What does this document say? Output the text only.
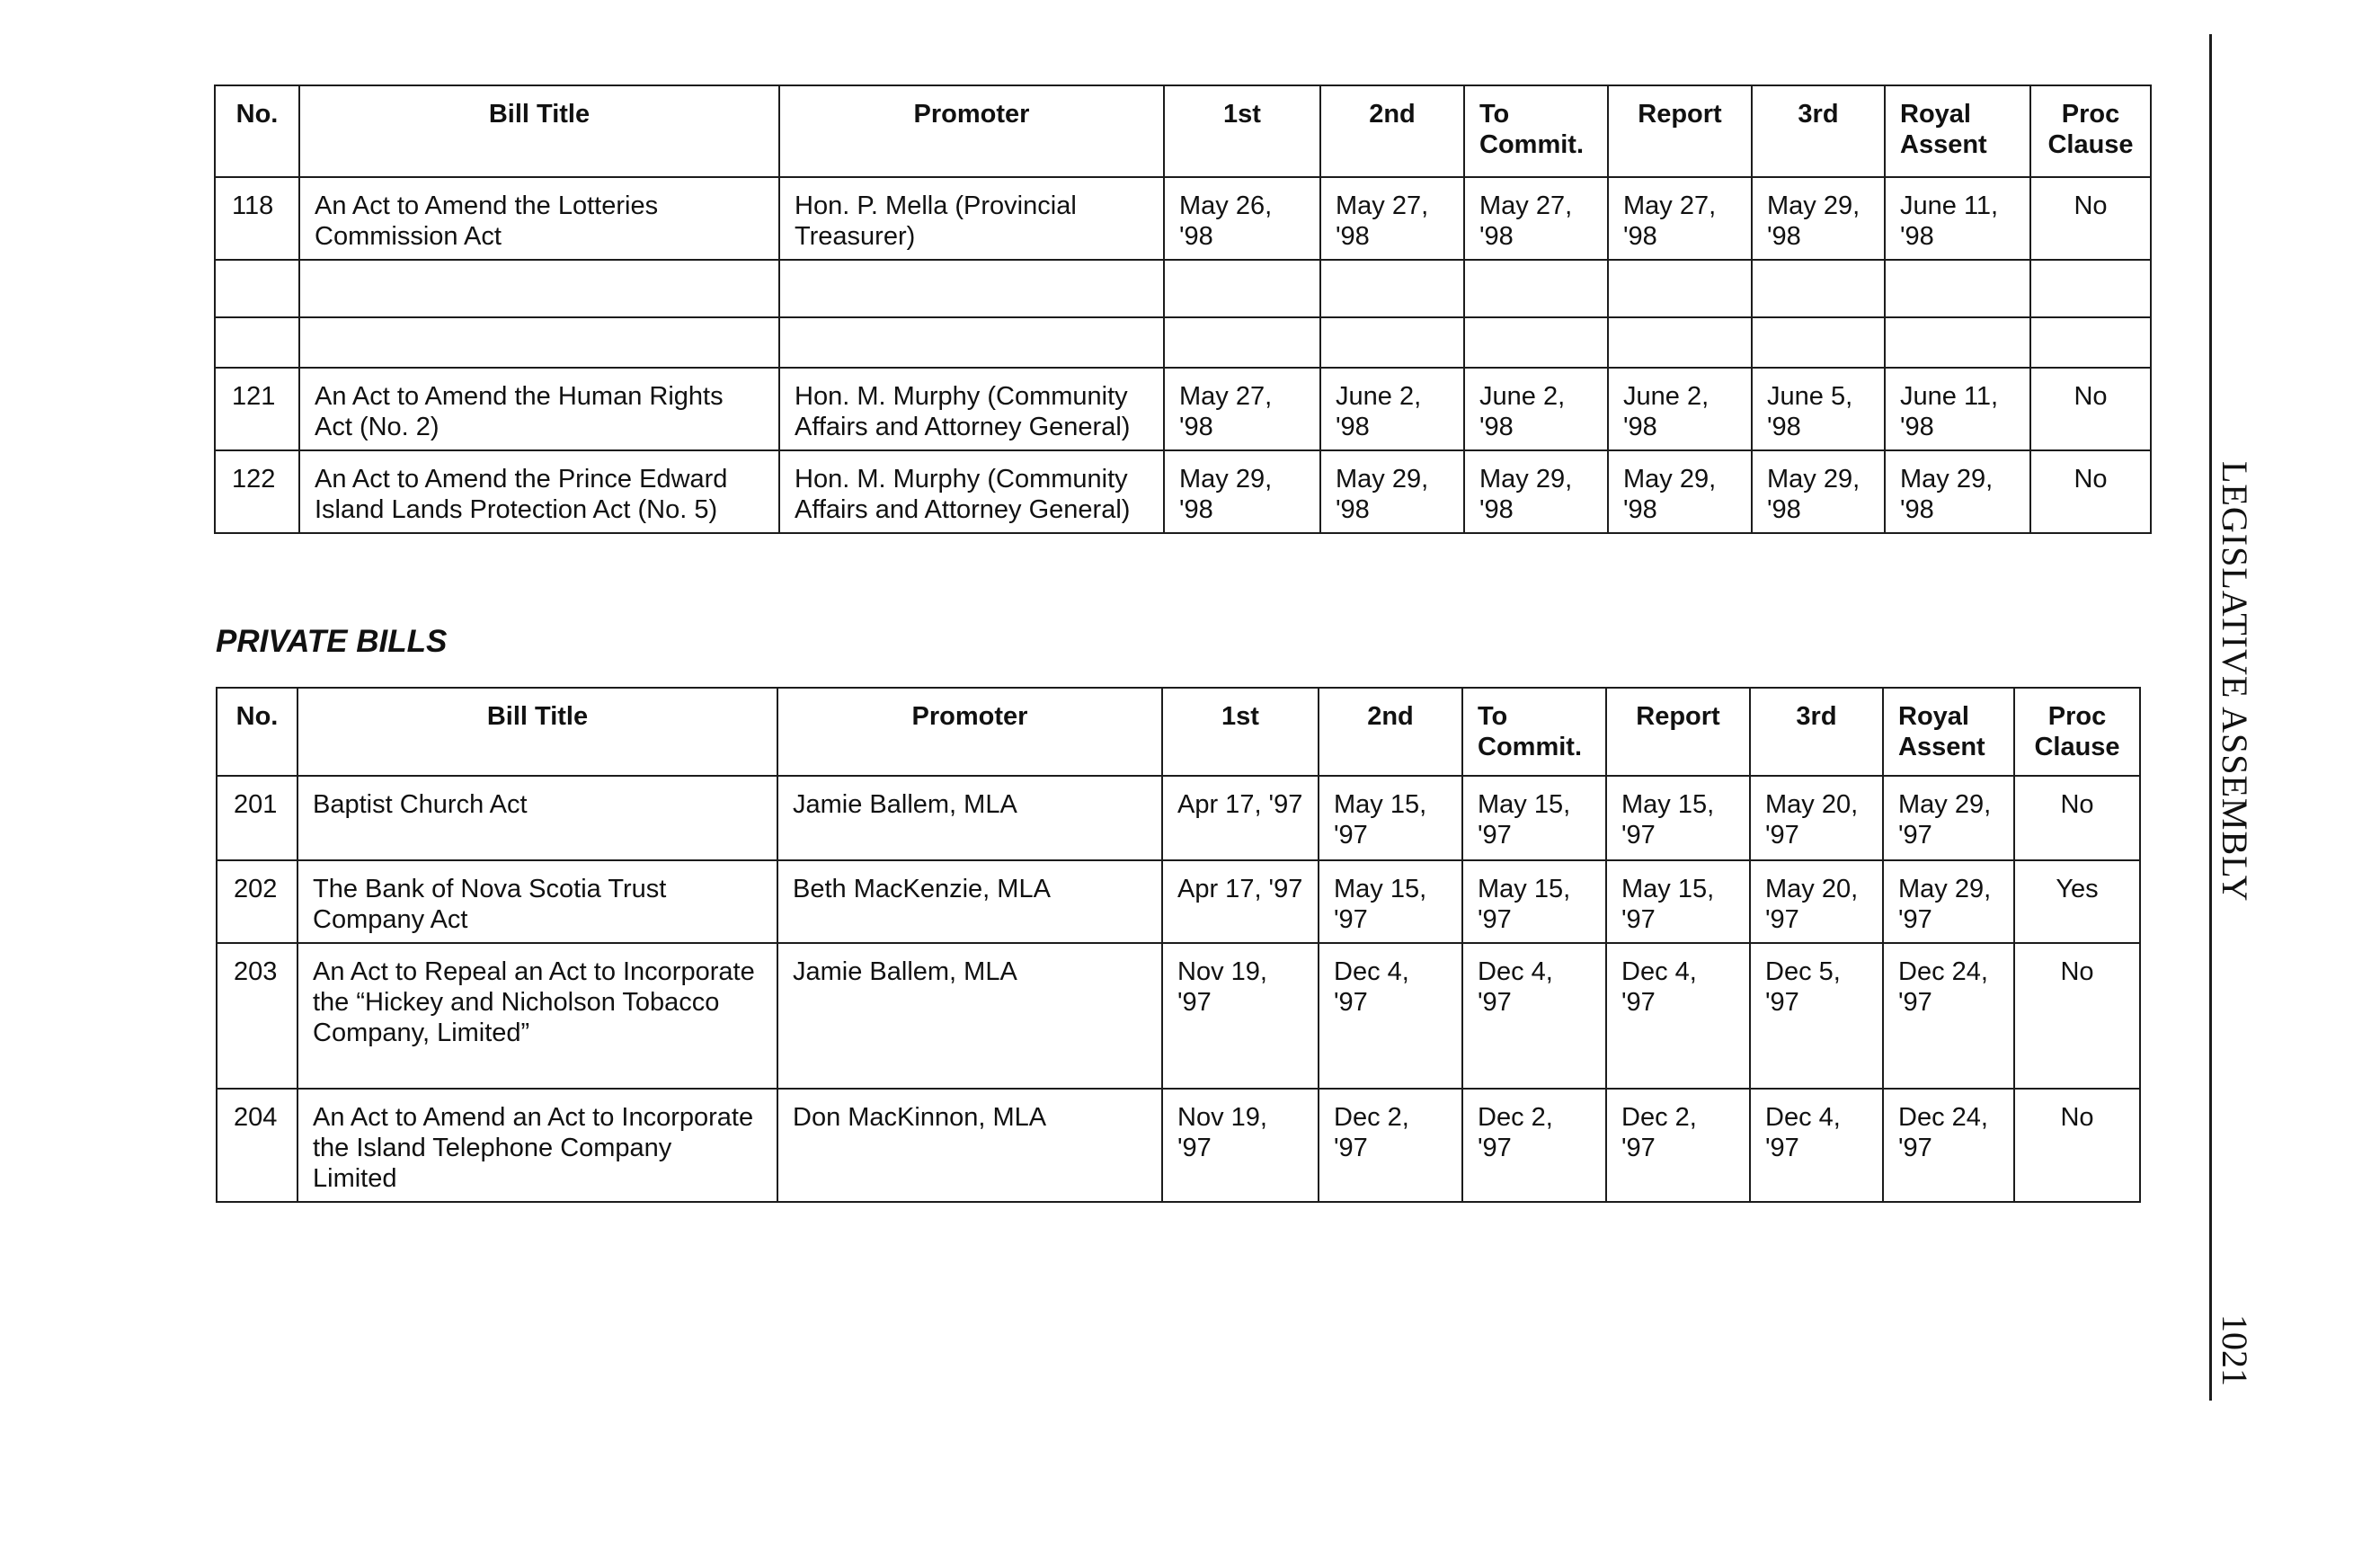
No.	Bill Title	Promoter	1st	2nd	To Commit.	Report	3rd	Royal Assent	Proc Clause
118	An Act to Amend the Lotteries Commission Act	Hon. P. Mella (Provincial Treasurer)	May 26, '98	May 27, '98	May 27, '98	May 27, '98	May 29, '98	June 11, '98	No

121	An Act to Amend the Human Rights Act (No. 2)	Hon. M. Murphy (Community Affairs and Attorney General)	May 27, '98	June 2, '98	June 2, '98	June 2, '98	June 5, '98	June 11, '98	No
122	An Act to Amend the Prince Edward Island Lands Protection Act (No. 5)	Hon. M. Murphy (Community Affairs and Attorney General)	May 29, '98	May 29, '98	May 29, '98	May 29, '98	May 29, '98	May 29, '98	No
PRIVATE BILLS
No.	Bill Title	Promoter	1st	2nd	To Commit.	Report	3rd	Royal Assent	Proc Clause
201	Baptist Church Act	Jamie Ballem, MLA	Apr 17, '97	May 15, '97	May 15, '97	May 15, '97	May 20, '97	May 29, '97	No
202	The Bank of Nova Scotia Trust Company Act	Beth MacKenzie, MLA	Apr 17, '97	May 15, '97	May 15, '97	May 15, '97	May 20, '97	May 29, '97	Yes
203	An Act to Repeal an Act to Incorporate the “Hickey and Nicholson Tobacco Company, Limited”	Jamie Ballem, MLA	Nov 19, '97	Dec 4, '97	Dec 4, '97	Dec 4, '97	Dec 5, '97	Dec 24, '97	No
204	An Act to Amend an Act to Incorporate the Island Telephone Company Limited	Don MacKinnon, MLA	Nov 19, '97	Dec 2, '97	Dec 2, '97	Dec 2, '97	Dec 4, '97	Dec 24, '97	No
LEGISLATIVE ASSEMBLY
1021
